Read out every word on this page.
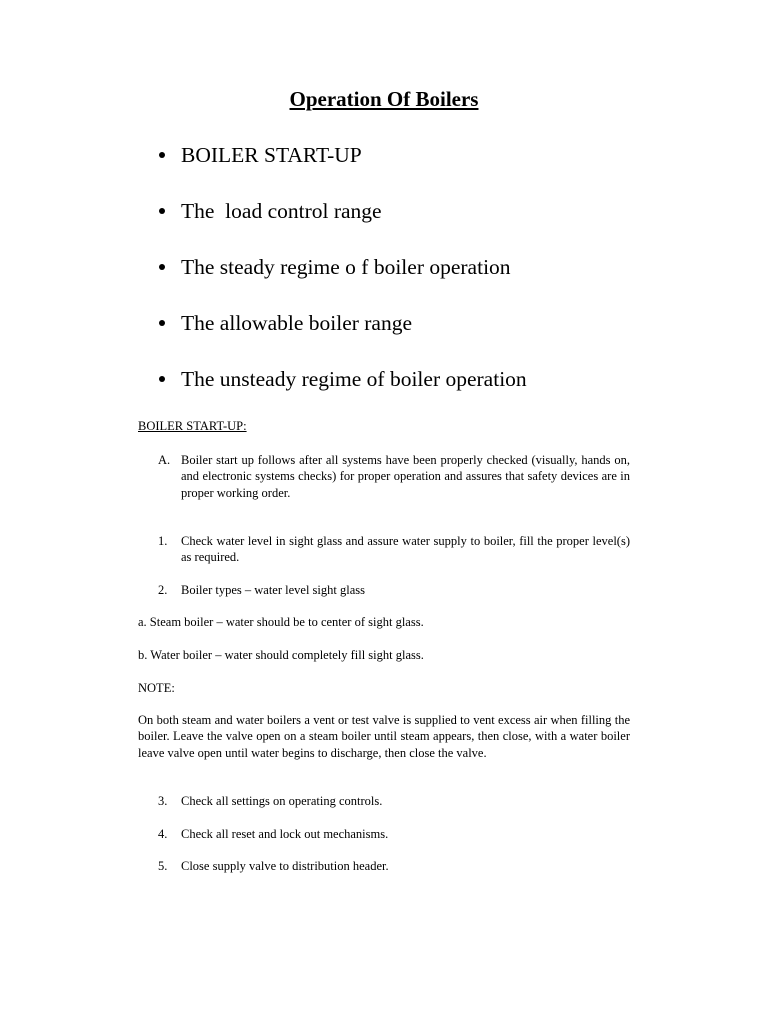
Operation Of Boilers
BOILER START-UP
The  load control range
The steady regime o f boiler operation
The allowable boiler range
The unsteady regime of boiler operation
BOILER START-UP:
A. Boiler start up follows after all systems have been properly checked (visually, hands on, and electronic systems checks) for proper operation and assures that safety devices are in proper working order.
1.	Check water level in sight glass and assure water supply to boiler, fill the proper level(s) as required.
2.	Boiler types – water level sight glass
a. Steam boiler – water should be to center of sight glass.
b. Water boiler – water should completely fill sight glass.
NOTE:
On both steam and water boilers a vent or test valve is supplied to vent excess air when filling the boiler. Leave the valve open on a steam boiler until steam appears, then close, with a water boiler leave valve open until water begins to discharge, then close the valve.
3.	Check all settings on operating controls.
4.	Check all reset and lock out mechanisms.
5.	Close supply valve to distribution header.
